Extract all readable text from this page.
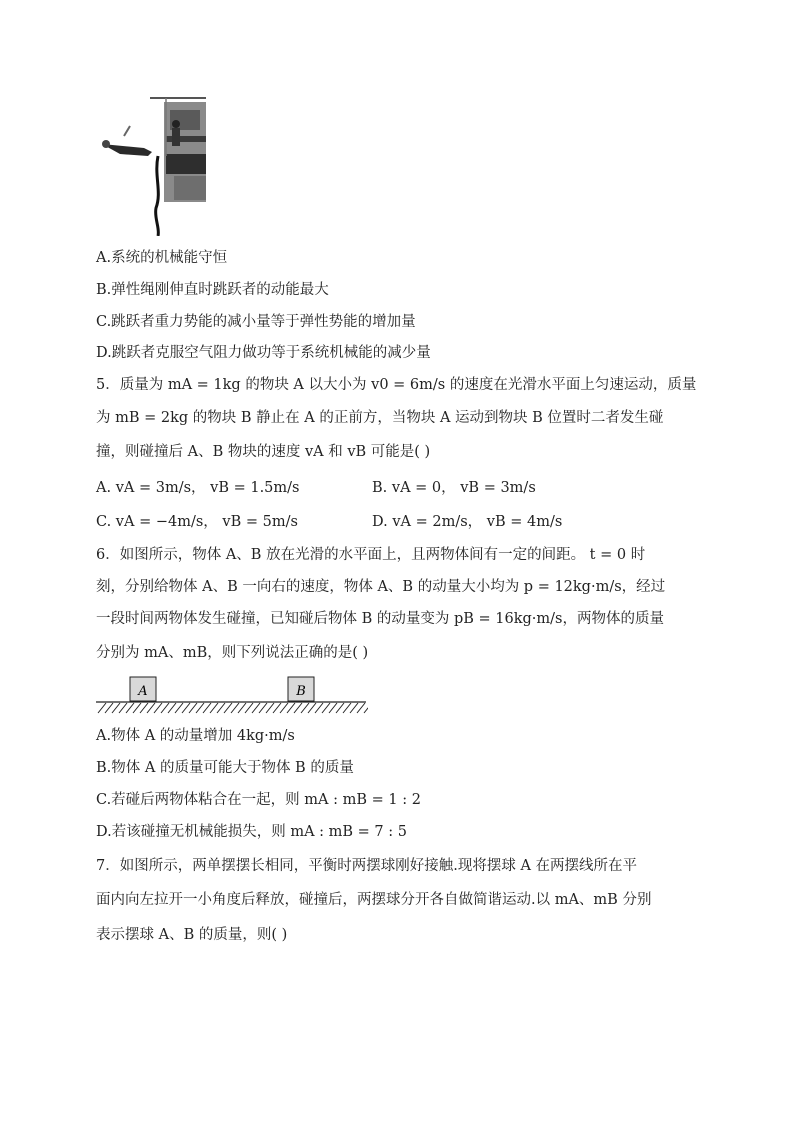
A.系统的机械能守恒
B.弹性绳刚伸直时跳跃者的动能最大
C.跳跃者重力势能的减小量等于弹性势能的增加量
D.跳跃者克服空气阻力做功等于系统机械能的减少量
5．质量为 mA = 1kg 的物块 A 以大小为 v0 = 6m/s 的速度在光滑水平面上匀速运动，质量
为 mB = 2kg 的物块 B 静止在 A 的正前方，当物块 A 运动到物块 B 位置时二者发生碰
撞，则碰撞后 A、B 物块的速度 vA 和 vB 可能是( )
A. vA = 3m/s， vB = 1.5m/s	B. vA = 0， vB = 3m/s
C. vA = −4m/s， vB = 5m/s	D. vA = 2m/s， vB = 4m/s
6．如图所示，物体 A、B 放在光滑的水平面上，且两物体间有一定的间距。 t = 0 时
刻，分别给物体 A、B 一向右的速度，物体 A、B 的动量大小均为 p = 12kg·m/s，经过
一段时间两物体发生碰撞，已知碰后物体 B 的动量变为 pB = 16kg·m/s，两物体的质量
分别为 mA、mB，则下列说法正确的是( )
A	B
A.物体 A 的动量增加 4kg·m/s
B.物体 A 的质量可能大于物体 B 的质量
C.若碰后两物体粘合在一起，则 mA : mB = 1 : 2
D.若该碰撞无机械能损失，则 mA : mB = 7 : 5
7．如图所示，两单摆摆长相同，平衡时两摆球刚好接触.现将摆球 A 在两摆线所在平
面内向左拉开一小角度后释放，碰撞后，两摆球分开各自做简谐运动.以 mA、mB 分别
表示摆球 A、B 的质量，则( )
